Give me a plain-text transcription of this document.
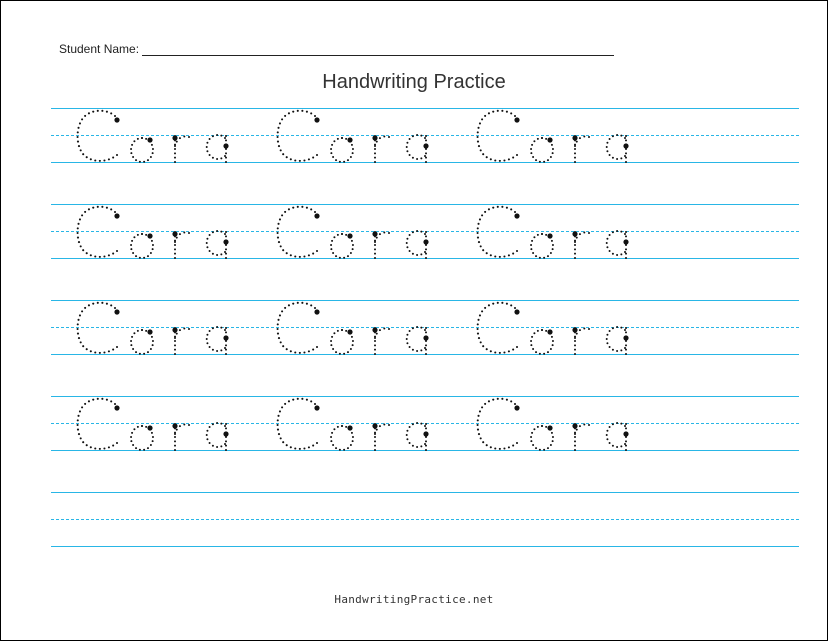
Student Name:
Handwriting Practice
HandwritingPractice.net
